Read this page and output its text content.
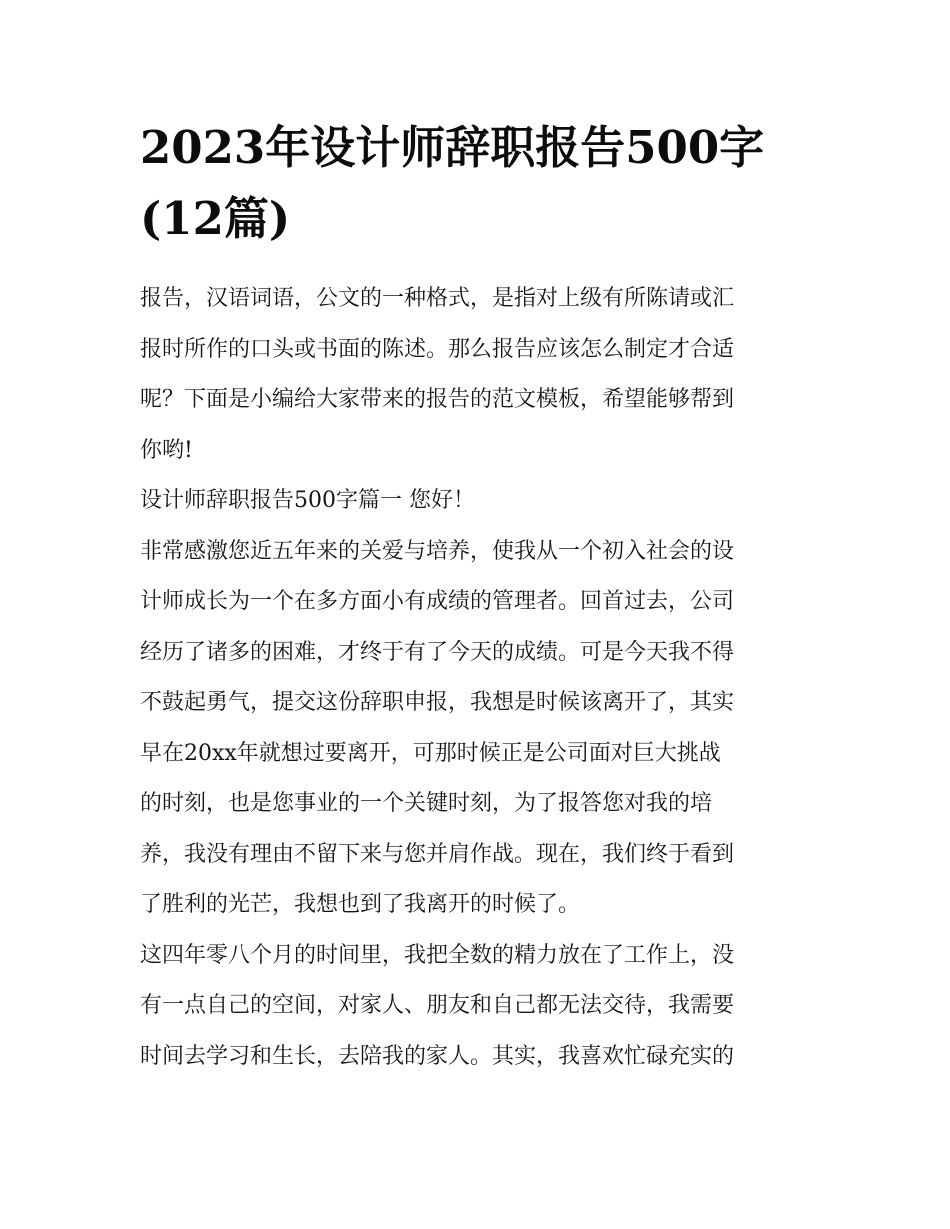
2023年设计师辞职报告500字
(12篇)

报告，汉语词语，公文的一种格式，是指对上级有所陈请或汇
报时所作的口头或书面的陈述。那么报告应该怎么制定才合适
呢？下面是小编给大家带来的报告的范文模板，希望能够帮到
你哟!

设计师辞职报告500字篇一 您好！

非常感激您近五年来的关爱与培养，使我从一个初入社会的设
计师成长为一个在多方面小有成绩的管理者。回首过去，公司
经历了诸多的困难，才终于有了今天的成绩。可是今天我不得
不鼓起勇气，提交这份辞职申报，我想是时候该离开了，其实
早在20xx年就想过要离开，可那时候正是公司面对巨大挑战
的时刻，也是您事业的一个关键时刻，为了报答您对我的培
养，我没有理由不留下来与您并肩作战。现在，我们终于看到
了胜利的光芒，我想也到了我离开的时候了。

这四年零八个月的时间里，我把全数的精力放在了工作上，没
有一点自己的空间，对家人、朋友和自己都无法交待，我需要
时间去学习和生长，去陪我的家人。其实，我喜欢忙碌充实的
